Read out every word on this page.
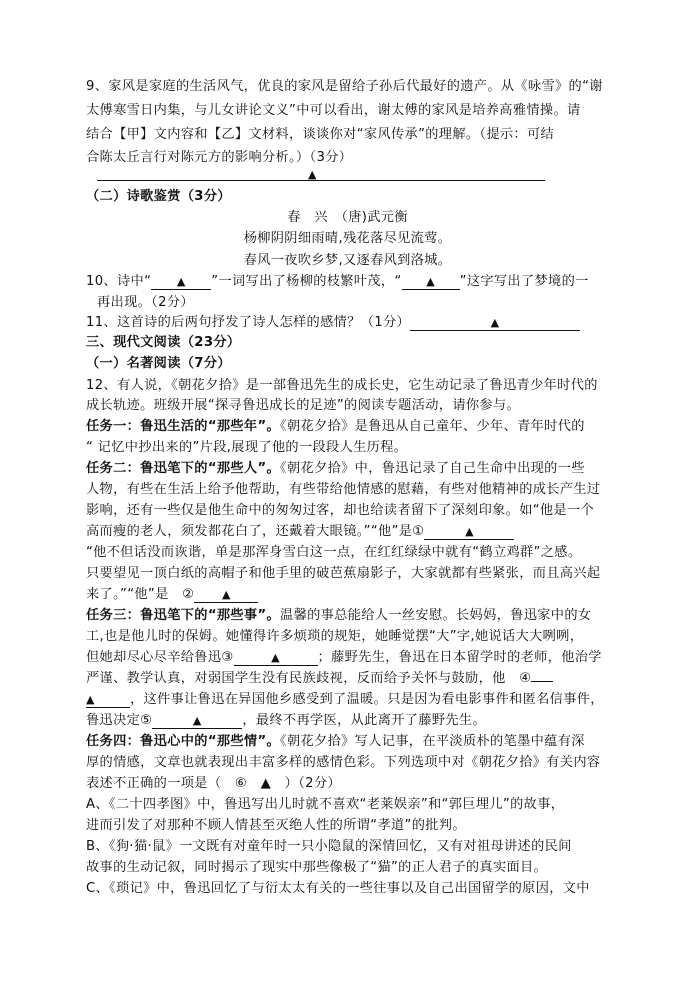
9、家风是家庭的生活风气，优良的家风是留给子孙后代最好的遗产。从《咏雪》的“谢
太傅寒雪日内集，与儿女讲论文义”中可以看出，谢太傅的家风是培养高雅情操。请
结合【甲】文内容和【乙】文材料，谈谈你对“家风传承”的理解。（提示：可结
合陈太丘言行对陈元方的影响分析。）（3分）
▲
（二）诗歌鉴赏（3分）
春　兴　（唐)武元衡
杨柳阴阴细雨晴,残花落尽见流莺。
春风一夜吹乡梦,又逐春风到洛城。
10、诗中“ ▲ ”一词写出了杨柳的枝繁叶茂，“ ▲ ”这字写出了梦境的一
再出现。（2分）
11、这首诗的后两句抒发了诗人怎样的感情？（1分）	▲
三、现代文阅读（23分）
（一）名著阅读（7分）
12、有人说，《朝花夕拾》是一部鲁迅先生的成长史，它生动记录了鲁迅青少年时代的
成长轨迹。班级开展“探寻鲁迅成长的足迹”的阅读专题活动，请你参与。
任务一：鲁迅生活的“那些年”。《朝花夕拾》是鲁迅从自己童年、少年、青年时代的
“ 记忆中抄出来的”片段,展现了他的一段段人生历程。
任务二：鲁迅笔下的“那些人”。《朝花夕拾》中，鲁迅记录了自己生命中出现的一些
人物，有些在生活上给予他帮助，有些带给他情感的慰藉，有些对他精神的成长产生过
影响，还有一些仅是他生命中的匆匆过客，却也给读者留下了深刻印象。如“他是一个
高而瘦的老人，须发都花白了，还戴着大眼镜。”“他”是①	▲
“他不但话没而诙谐，单是那浑身雪白这一点，在红红绿绿中就有“鹤立鸡群”之感。
只要望见一顶白纸的高帽子和他手里的破芭蕉扇影子，大家就都有些紧张，而且高兴起
来了。”“他”是　②	▲
任务三：鲁迅笔下的“那些事”。温馨的事总能给人一丝安慰。长妈妈，鲁迅家中的女
工,也是他儿时的保姆。她懂得许多烦琐的规矩，她睡觉摆“大”字,她说话大大咧咧，
但她却尽心尽辛给鲁迅③	▲	；藤野先生，鲁迅在日本留学时的老师，他治学
严谨、教学认真，对弱国学生没有民族歧视，反而给予关怀与鼓励，他　④
▲	，这件事让鲁迅在异国他乡感受到了温暖。只是因为看电影事件和匿名信事件，
鲁迅决定⑤	▲	，最终不再学医，从此离开了藤野先生。
任务四：鲁迅心中的“那些情”。《朝花夕拾》写人记事，在平淡质朴的笔墨中蕴有深
厚的情感，文章也就表现出丰富多样的感情色彩。下列选项中对《朝花夕拾》有关内容
表述不正确的一项是（　⑥　▲　）（2分）
A、《二十四孝图》中，鲁迅写出儿时就不喜欢“老莱娱亲”和“郭巨埋儿”的故事，
进而引发了对那种不顾人情甚至灭绝人性的所谓“孝道”的批判。
B、《狗·猫·鼠》一文既有对童年时一只小隐鼠的深情回忆，又有对祖母讲述的民间
故事的生动记叙，同时揭示了现实中那些像极了“猫”的正人君子的真实面目。
C、《琐记》中，鲁迅回忆了与衍太太有关的一些往事以及自己出国留学的原因，文中
